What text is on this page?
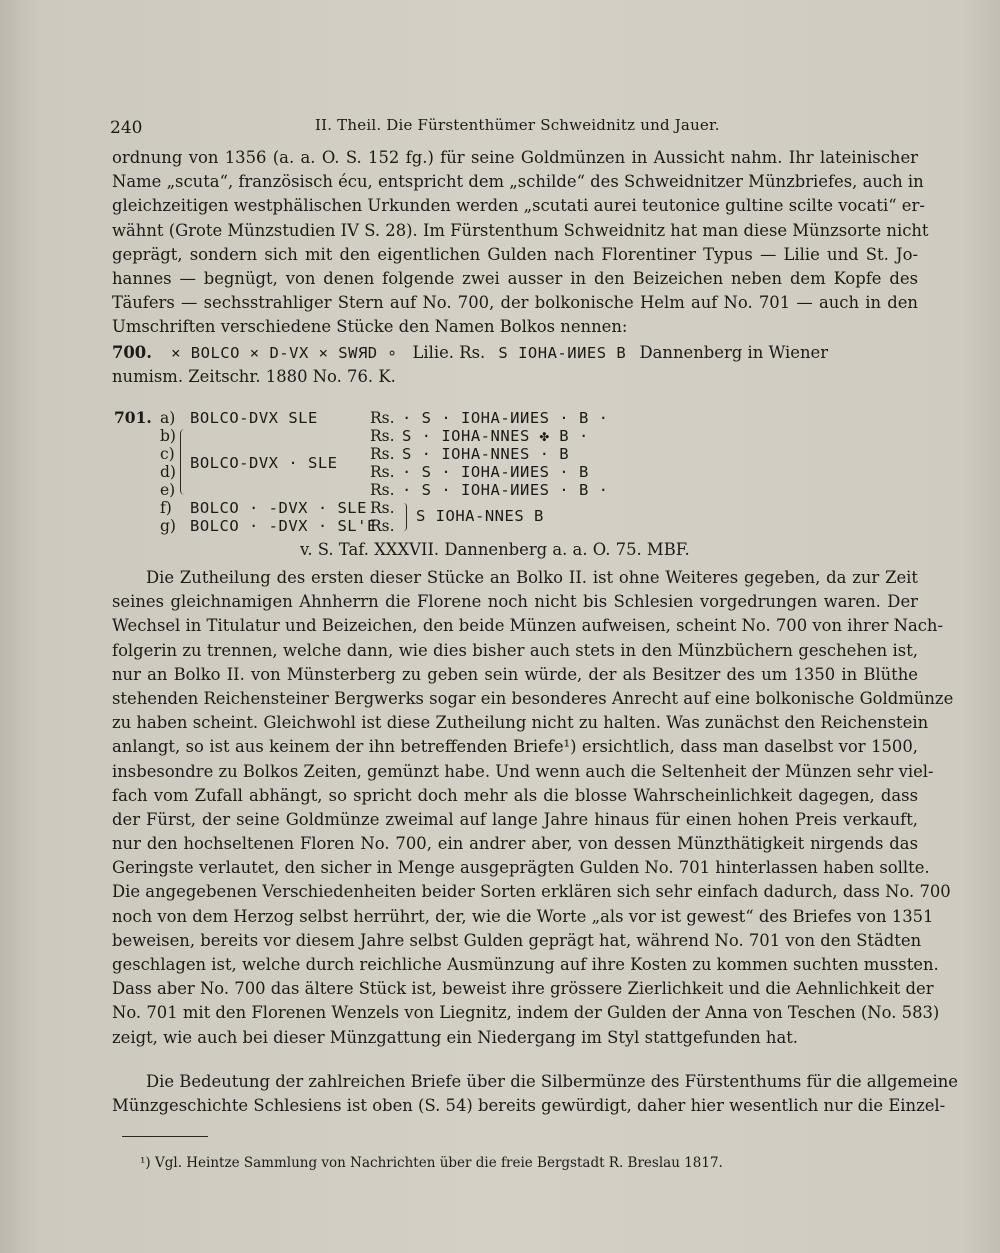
240	II. Theil. Die Fürstenthümer Schweidnitz und Jauer.
ordnung von 1356 (a. a. O. S. 152 fg.) für seine Goldmünzen in Aussicht nahm. Ihr lateinischer
Name „scuta“, französisch écu, entspricht dem „schilde“ des Schweidnitzer Münzbriefes, auch in
gleichzeitigen westphälischen Urkunden werden „scutati aurei teutonice gultine scilte vocati“ er-
wähnt (Grote Münzstudien IV S. 28). Im Fürstenthum Schweidnitz hat man diese Münzsorte nicht
geprägt, sondern sich mit den eigentlichen Gulden nach Florentiner Typus — Lilie und St. Jo-
hannes — begnügt, von denen folgende zwei ausser in den Beizeichen neben dem Kopfe des
Täufers — sechsstrahliger Stern auf No. 700, der bolkonische Helm auf No. 701 — auch in den
Umschriften verschiedene Stücke den Namen Bolkos nennen:
700. × BOLCO × D-VX × SWЯD ∘ Lilie. Rs. S IOHA-ИИES B Dannenberg in Wiener
numism. Zeitschr. 1880 No. 76. K.
701. a)
b)
c)
d)
e)
f)
g)
BOLCO-DVX SLE
BOLCO-DVX · SLE
BOLCO · -DVX · SLE
BOLCO · -DVX · SL'E
Rs.
Rs.
Rs.
Rs.
Rs.
Rs.
Rs.
· S · IOHA-ИИES · B ·
S · IOHA-NNES ✤ B ·
S · IOHA-NNES · B
· S · IOHA-ИИES · B
· S · IOHA-ИИES · B ·
S IOHA-NNES B
v. S. Taf. XXXVII. Dannenberg a. a. O. 75. MBF.
Die Zutheilung des ersten dieser Stücke an Bolko II. ist ohne Weiteres gegeben, da zur Zeit
seines gleichnamigen Ahnherrn die Florene noch nicht bis Schlesien vorgedrungen waren. Der
Wechsel in Titulatur und Beizeichen, den beide Münzen aufweisen, scheint No. 700 von ihrer Nach-
folgerin zu trennen, welche dann, wie dies bisher auch stets in den Münzbüchern geschehen ist,
nur an Bolko II. von Münsterberg zu geben sein würde, der als Besitzer des um 1350 in Blüthe
stehenden Reichensteiner Bergwerks sogar ein besonderes Anrecht auf eine bolkonische Goldmünze
zu haben scheint. Gleichwohl ist diese Zutheilung nicht zu halten. Was zunächst den Reichenstein
anlangt, so ist aus keinem der ihn betreffenden Briefe¹) ersichtlich, dass man daselbst vor 1500,
insbesondre zu Bolkos Zeiten, gemünzt habe. Und wenn auch die Seltenheit der Münzen sehr viel-
fach vom Zufall abhängt, so spricht doch mehr als die blosse Wahrscheinlichkeit dagegen, dass
der Fürst, der seine Goldmünze zweimal auf lange Jahre hinaus für einen hohen Preis verkauft,
nur den hochseltenen Floren No. 700, ein andrer aber, von dessen Münzthätigkeit nirgends das
Geringste verlautet, den sicher in Menge ausgeprägten Gulden No. 701 hinterlassen haben sollte.
Die angegebenen Verschiedenheiten beider Sorten erklären sich sehr einfach dadurch, dass No. 700
noch von dem Herzog selbst herrührt, der, wie die Worte „als vor ist gewest“ des Briefes von 1351
beweisen, bereits vor diesem Jahre selbst Gulden geprägt hat, während No. 701 von den Städten
geschlagen ist, welche durch reichliche Ausmünzung auf ihre Kosten zu kommen suchten mussten.
Dass aber No. 700 das ältere Stück ist, beweist ihre grössere Zierlichkeit und die Aehnlichkeit der
No. 701 mit den Florenen Wenzels von Liegnitz, indem der Gulden der Anna von Teschen (No. 583)
zeigt, wie auch bei dieser Münzgattung ein Niedergang im Styl stattgefunden hat.
Die Bedeutung der zahlreichen Briefe über die Silbermünze des Fürstenthums für die allgemeine
Münzgeschichte Schlesiens ist oben (S. 54) bereits gewürdigt, daher hier wesentlich nur die Einzel-
¹) Vgl. Heintze Sammlung von Nachrichten über die freie Bergstadt R. Breslau 1817.
